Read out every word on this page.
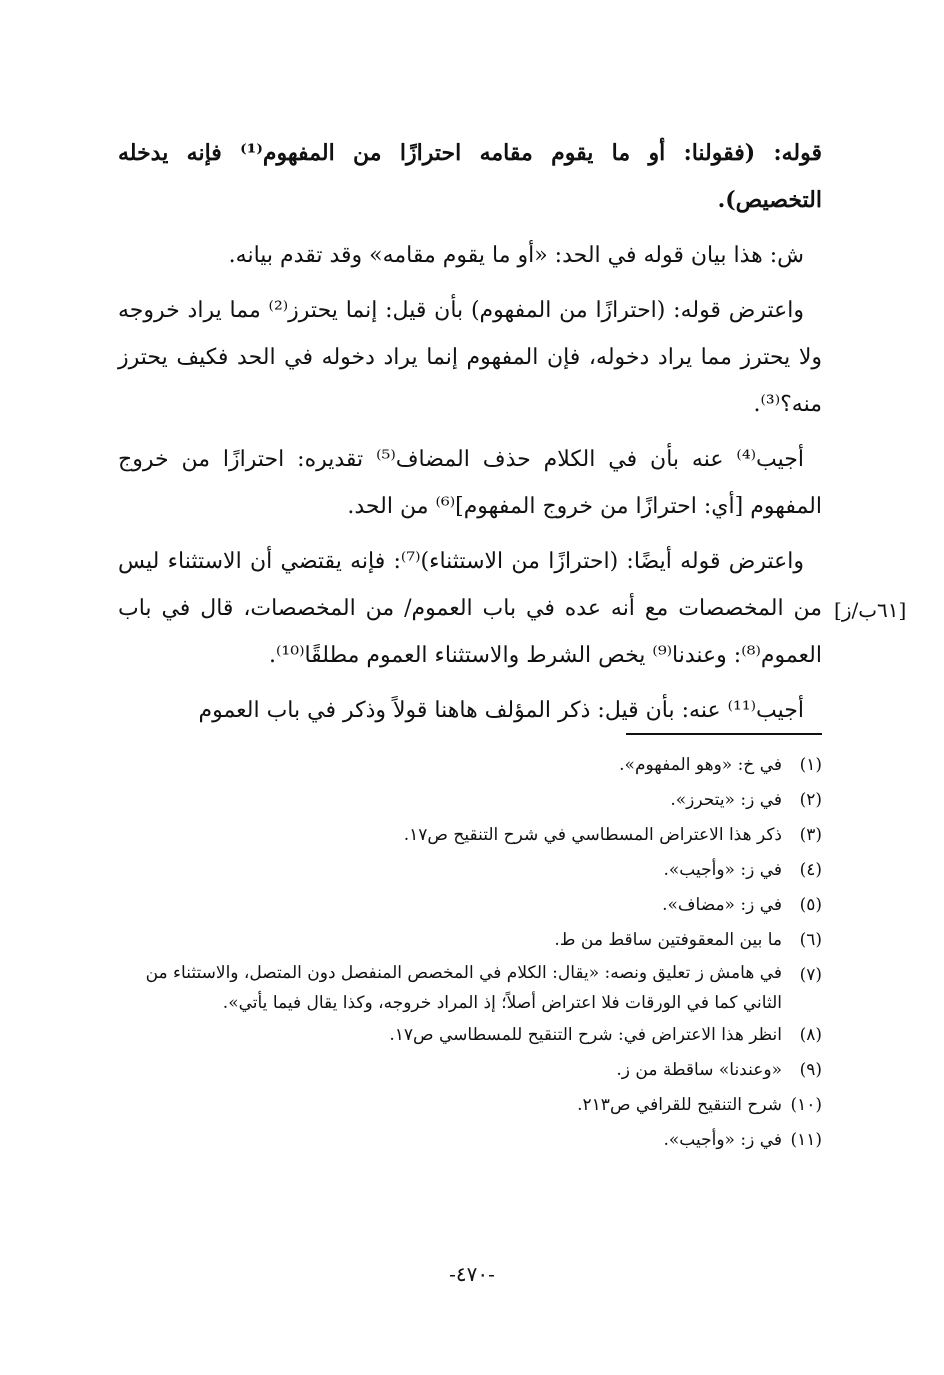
قوله: (فقولنا: أو ما يقوم مقامه احترازًا من المفهوم⁽¹⁾ فإنه يدخله التخصيص).

ش: هذا بيان قوله في الحد: «أو ما يقوم مقامه» وقد تقدم بيانه.

واعترض قوله: (احترازًا من المفهوم) بأن قيل: إنما يحترز⁽²⁾ مما يراد خروجه ولا يحترز مما يراد دخوله، فإن المفهوم إنما يراد دخوله في الحد فكيف يحترز منه؟⁽³⁾.

أجيب⁽⁴⁾ عنه بأن في الكلام حذف المضاف⁽⁵⁾ تقديره: احترازًا من خروج المفهوم [أي: احترازًا من خروج المفهوم]⁽⁶⁾ من الحد.

واعترض قوله أيضًا: (احترازًا من الاستثناء)⁽⁷⁾: فإنه يقتضي أن الاستثناء ليس من المخصصات مع أنه عده في باب العموم/ من المخصصات، قال في باب العموم⁽⁸⁾: وعندنا⁽⁹⁾ يخص الشرط والاستثناء العموم مطلقًا⁽¹⁰⁾.

أجيب⁽¹¹⁾ عنه: بأن قيل: ذكر المؤلف هاهنا قولاً وذكر في باب العموم

[٦١ب/ز]

(١)
في خ: «وهو المفهوم».

(٢)
في ز: «يتحرز».

(٣)
ذكر هذا الاعتراض المسطاسي في شرح التنقيح ص١٧.

(٤)
في ز: «وأجيب».

(٥)
في ز: «مضاف».

(٦)
ما بين المعقوفتين ساقط من ط.

(٧)
في هامش ز تعليق ونصه: «يقال: الكلام في المخصص المنفصل دون المتصل، والاستثناء من الثاني كما في الورقات فلا اعتراض أصلاً؛ إذ المراد خروجه، وكذا يقال فيما يأتي».

(٨)
انظر هذا الاعتراض في: شرح التنقيح للمسطاسي ص١٧.

(٩)
«وعندنا» ساقطة من ز.

(١٠)
شرح التنقيح للقرافي ص٢١٣.

(١١)
في ز: «وأجيب».

-٤٧٠-
